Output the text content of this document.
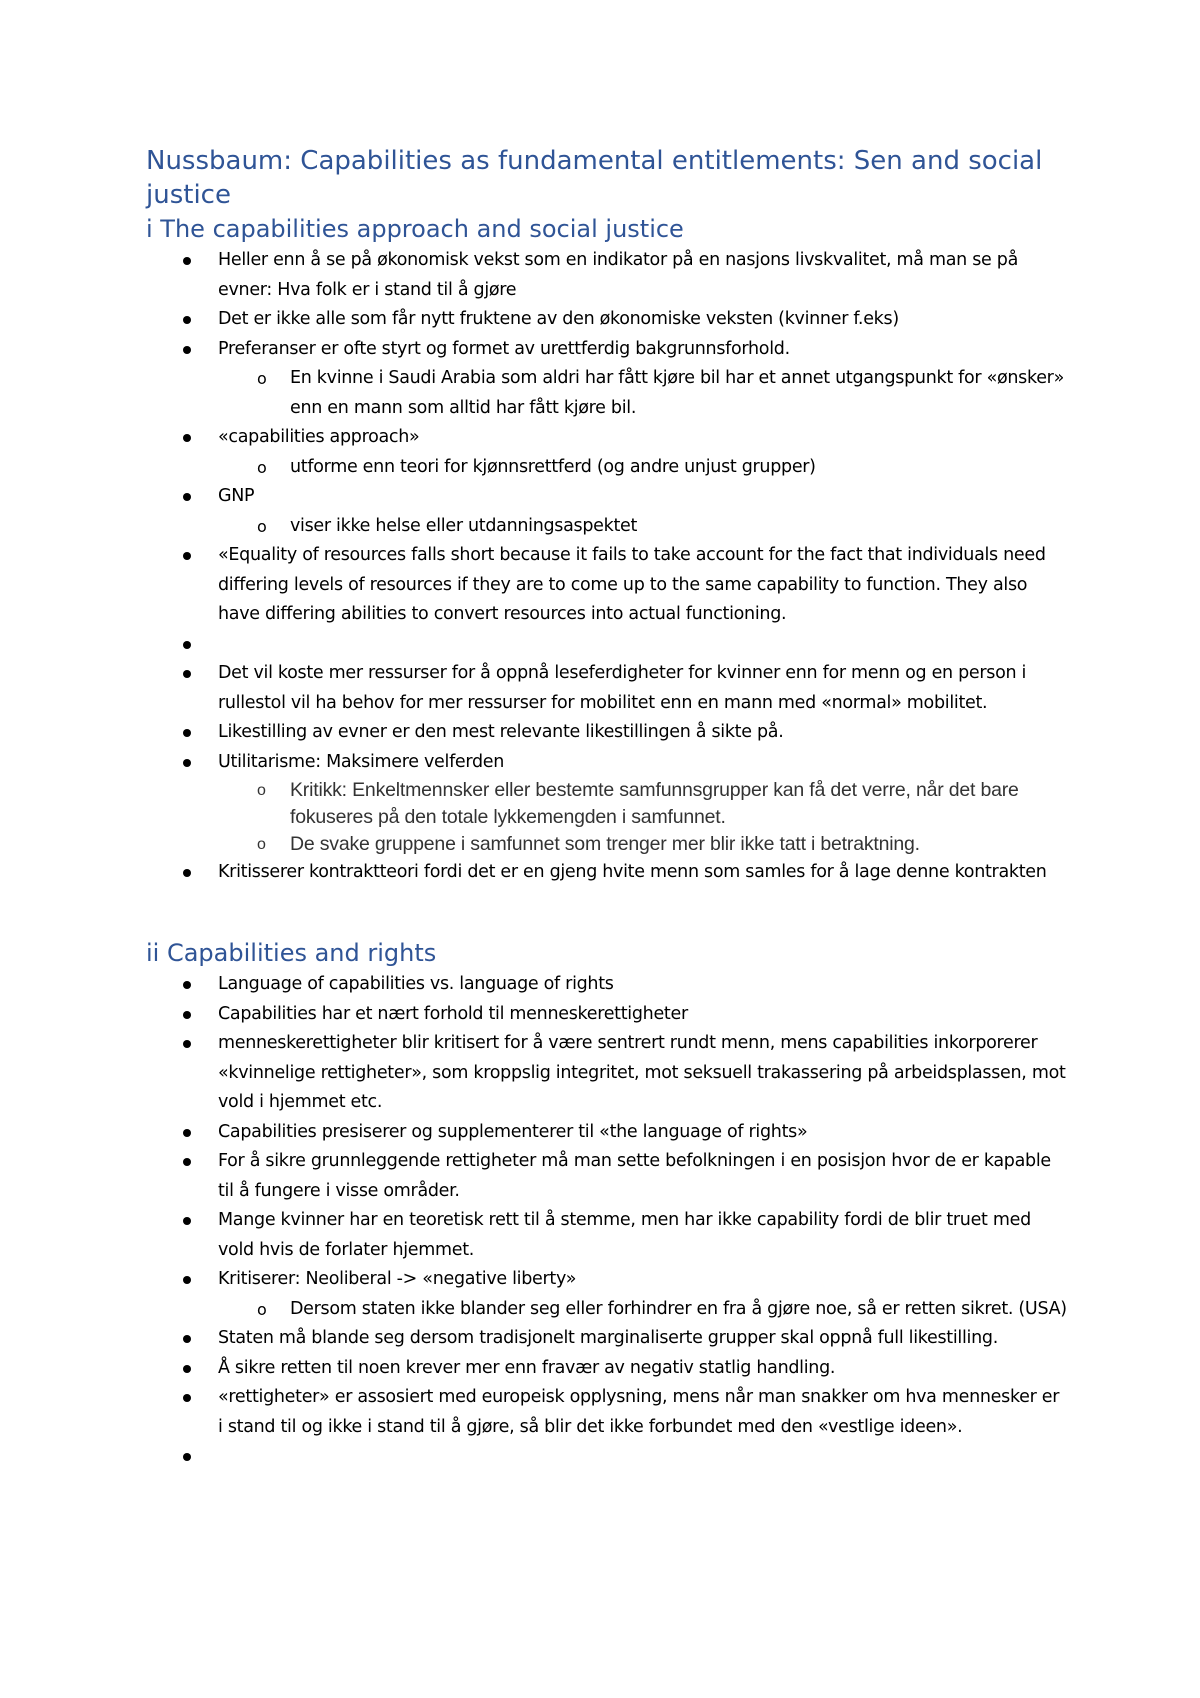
Nussbaum: Capabilities as fundamental entitlements: Sen and social justice
i The capabilities approach and social justice
Heller enn å se på økonomisk vekst som en indikator på en nasjons livskvalitet, må man se på evner: Hva folk er i stand til å gjøre
Det er ikke alle som får nytt fruktene av den økonomiske veksten (kvinner f.eks)
Preferanser er ofte styrt og formet av urettferdig bakgrunnsforhold.
o En kvinne i Saudi Arabia som aldri har fått kjøre bil har et annet utgangspunkt for «ønsker» enn en mann som alltid har fått kjøre bil.
«capabilities approach»
o utforme enn teori for kjønnsrettferd (og andre unjust grupper)
GNP
o viser ikke helse eller utdanningsaspektet
«Equality of resources falls short because it fails to take account for the fact that individuals need differing levels of resources if they are to come up to the same capability to function. They also have differing abilities to convert resources into actual functioning.
Det vil koste mer ressurser for å oppnå leseferdigheter for kvinner enn for menn og en person i rullestol vil ha behov for mer ressurser for mobilitet enn en mann med «normal» mobilitet.
Likestilling av evner er den mest relevante likestillingen å sikte på.
Utilitarisme: Maksimere velferden
o Kritikk: Enkeltmennsker eller bestemte samfunnsgrupper kan få det verre, når det bare fokuseres på den totale lykkemengden i samfunnet.
o De svake gruppene i samfunnet som trenger mer blir ikke tatt i betraktning.
Kritisserer kontraktteori fordi det er en gjeng hvite menn som samles for å lage denne kontrakten
ii Capabilities and rights
Language of capabilities vs. language of rights
Capabilities har et nært forhold til menneskerettigheter
menneskerettigheter blir kritisert for å være sentrert rundt menn, mens capabilities inkorporerer «kvinnelige rettigheter», som kroppslig integritet, mot seksuell trakassering på arbeidsplassen, mot vold i hjemmet etc.
Capabilities presiserer og supplementerer til «the language of rights»
For å sikre grunnleggende rettigheter må man sette befolkningen i en posisjon hvor de er kapable til å fungere i visse områder.
Mange kvinner har en teoretisk rett til å stemme, men har ikke capability fordi de blir truet med vold hvis de forlater hjemmet.
Kritiserer: Neoliberal -> «negative liberty»
o Dersom staten ikke blander seg eller forhindrer en fra å gjøre noe, så er retten sikret. (USA)
Staten må blande seg dersom tradisjonelt marginaliserte grupper skal oppnå full likestilling.
Å sikre retten til noen krever mer enn fravær av negativ statlig handling.
«rettigheter» er assosiert med europeisk opplysning, mens når man snakker om hva mennesker er i stand til og ikke i stand til å gjøre, så blir det ikke forbundet med den «vestlige ideen».
